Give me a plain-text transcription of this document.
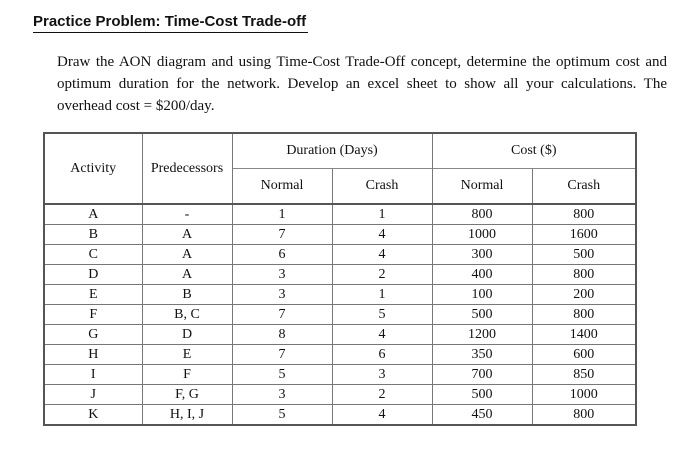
Practice Problem: Time-Cost Trade-off
Draw the AON diagram and using Time-Cost Trade-Off concept, determine the optimum cost and
optimum duration for the network. Develop an excel sheet to show all your calculations. The
overhead cost = $200/day.
Activity	Predecessors	Duration (Days)		Cost ($)	
		Normal	Crash	Normal	Crash
A	-	1	1	800	800
B	A	7	4	1000	1600
C	A	6	4	300	500
D	A	3	2	400	800
E	B	3	1	100	200
F	B, C	7	5	500	800
G	D	8	4	1200	1400
H	E	7	6	350	600
I	F	5	3	700	850
J	F, G	3	2	500	1000
K	H, I, J	5	4	450	800
